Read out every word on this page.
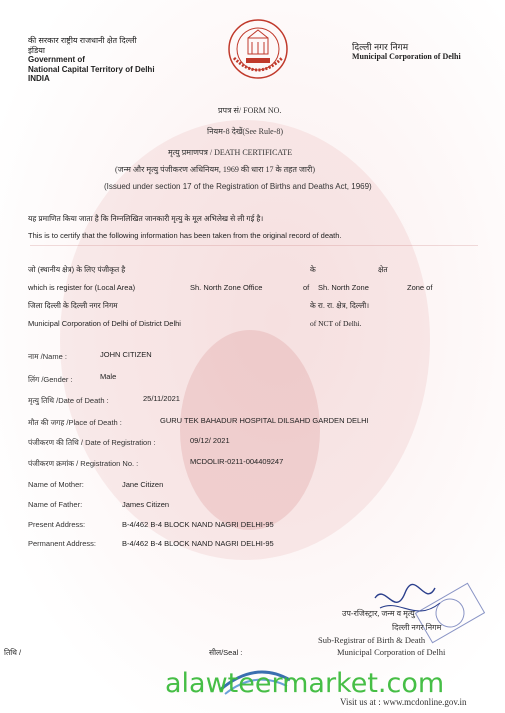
की सरकार राष्ट्रीय राजधानी क्षेत दिल्ली
इंडिया
Government of
National Capital Territory of Delhi
INDIA
दिल्ली नगर निगम
Municipal Corporation of Delhi
प्रपत्र सं/ FORM NO.
नियम-8 देखें(See Rule-8)
मृत्यु प्रमाणपत्र / DEATH CERTIFICATE
(जन्म और मृत्यु पंजीकरण अधिनियम, 1969 की धारा 17 के तहत जारी)
(Issued under section 17 of the Registration of Births and Deaths Act, 1969)
यह प्रमाणित किया जाता है कि निम्नलिखित जानकारी मृत्यु के मूल अभिलेख से ली गई है।
This is to certify that the following information has been taken from the original record of death.
जो (स्थानीय क्षेत्र) के लिए पंजीकृत है	के	क्षेत
which is register for (Local Area)	Sh. North Zone Office	of Sh. North Zone	Zone of
जिला दिल्ली के दिल्ली नगर निगम	के रा. रा. क्षेत्र, दिल्ली।
Municipal Corporation of Delhi of District Delhi	of NCT of Delhi.
नाम /Name :	JOHN CITIZEN
लिंग /Gender :	Male
मृत्यु तिथि /Date of Death :	25/11/2021
मौत की जगह /Place of Death :	GURU TEK BAHADUR HOSPITAL DILSAHD GARDEN DELHI
पंजीकरण की तिथि / Date of Registration :	09/12/ 2021
पंजीकरण क्रमांक / Registration No. :	MCDOLIR-0211-004409247
Name of Mother:	Jane Citizen
Name of Father:	James Citizen
Present Address:	B-4/462 B-4 BLOCK NAND NAGRI DELHI-95
Permanent Address:	B-4/462 B-4 BLOCK NAND NAGRI DELHI-95
उप-रजिस्ट्रार, जन्म व मृत्यु
दिल्ली नगर निगम
Sub-Registrar of Birth & Death
Municipal Corporation of Delhi
तिथि /	सील/Seal :
alawteermarket.com
Visit us at : www.mcdonline.gov.in
